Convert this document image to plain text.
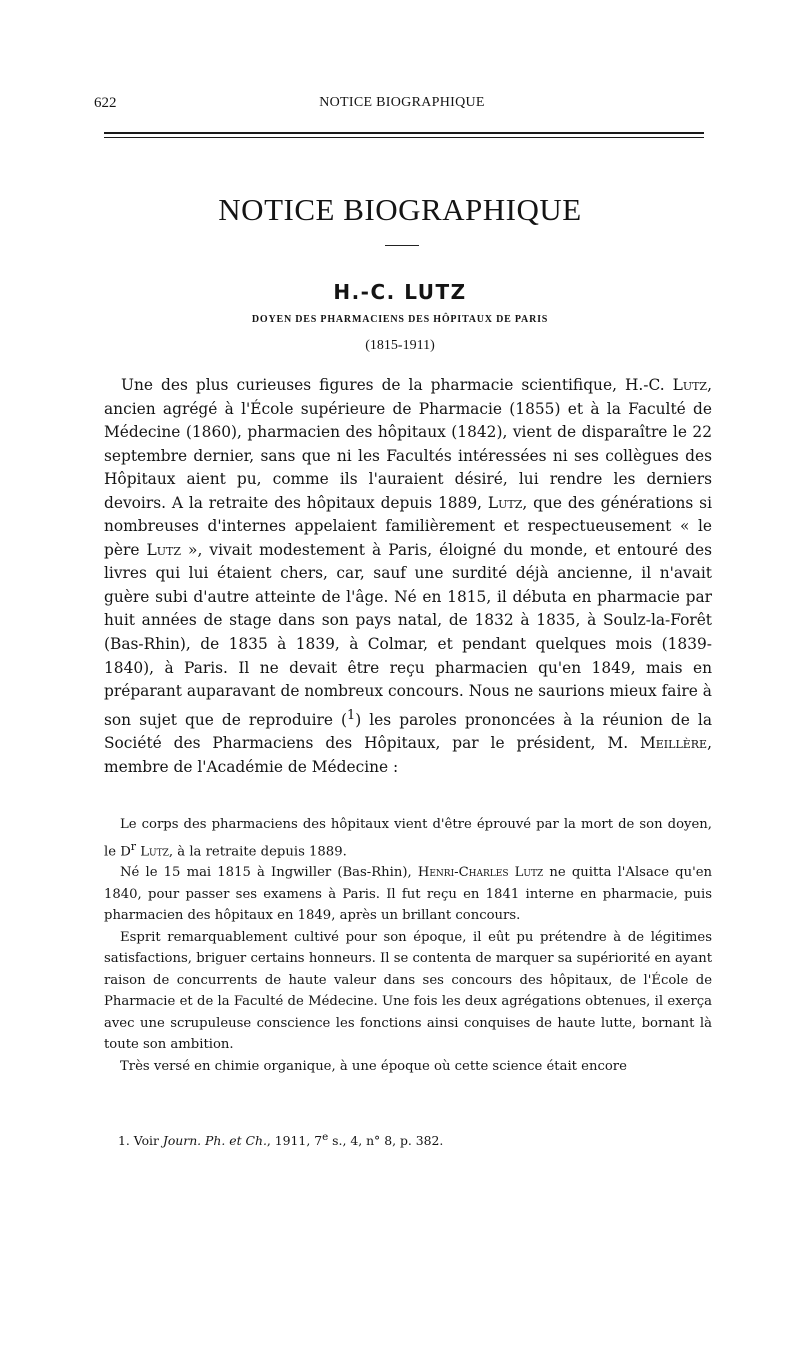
622	NOTICE BIOGRAPHIQUE
NOTICE BIOGRAPHIQUE
H.-C. LUTZ
DOYEN DES PHARMACIENS DES HÔPITAUX DE PARIS
(1815-1911)

Une des plus curieuses figures de la pharmacie scientifique, H.-C. Lutz, ancien agrégé à l'École supérieure de Pharmacie (1855) et à la Faculté de Médecine (1860), pharmacien des hôpitaux (1842), vient de disparaître le 22 septembre dernier, sans que ni les Facultés intéressées ni ses collègues des Hôpitaux aient pu, comme ils l'auraient désiré, lui rendre les derniers devoirs. A la retraite des hôpitaux depuis 1889, Lutz, que des générations si nombreuses d'internes appelaient familièrement et respectueusement « le père Lutz », vivait modestement à Paris, éloigné du monde, et entouré des livres qui lui étaient chers, car, sauf une surdité déjà ancienne, il n'avait guère subi d'autre atteinte de l'âge. Né en 1815, il débuta en pharmacie par huit années de stage dans son pays natal, de 1832 à 1835, à Soulz-la-Forêt (Bas-Rhin), de 1835 à 1839, à Colmar, et pendant quelques mois (1839-1840), à Paris. Il ne devait être reçu pharmacien qu'en 1849, mais en préparant auparavant de nombreux concours. Nous ne saurions mieux faire à son sujet que de reproduire ($^1$) les paroles prononcées à la réunion de la Société des Pharmaciens des Hôpitaux, par le président, M. Meillère, membre de l'Académie de Médecine :

Le corps des pharmaciens des hôpitaux vient d'être éprouvé par la mort de son doyen, le $D^r$ Lutz, à la retraite depuis 1889.

Né le 15 mai 1815 à Ingwiller (Bas-Rhin), Henri-Charles Lutz ne quitta l'Alsace qu'en 1840, pour passer ses examens à Paris. Il fut reçu en 1841 interne en pharmacie, puis pharmacien des hôpitaux en 1849, après un brillant concours.

Esprit remarquablement cultivé pour son époque, il eût pu prétendre à de légitimes satisfactions, briguer certains honneurs. Il se contenta de marquer sa supériorité en ayant raison de concurrents de haute valeur dans ses concours des hôpitaux, de l'École de Pharmacie et de la Faculté de Médecine. Une fois les deux agrégations obtenues, il exerça avec une scrupuleuse conscience les fonctions ainsi conquises de haute lutte, bornant là toute son ambition.

Très versé en chimie organique, à une époque où cette science était encore

1. Voir Journ. Ph. et Ch., 1911, 7e s., 4, n° 8, p. 382.
